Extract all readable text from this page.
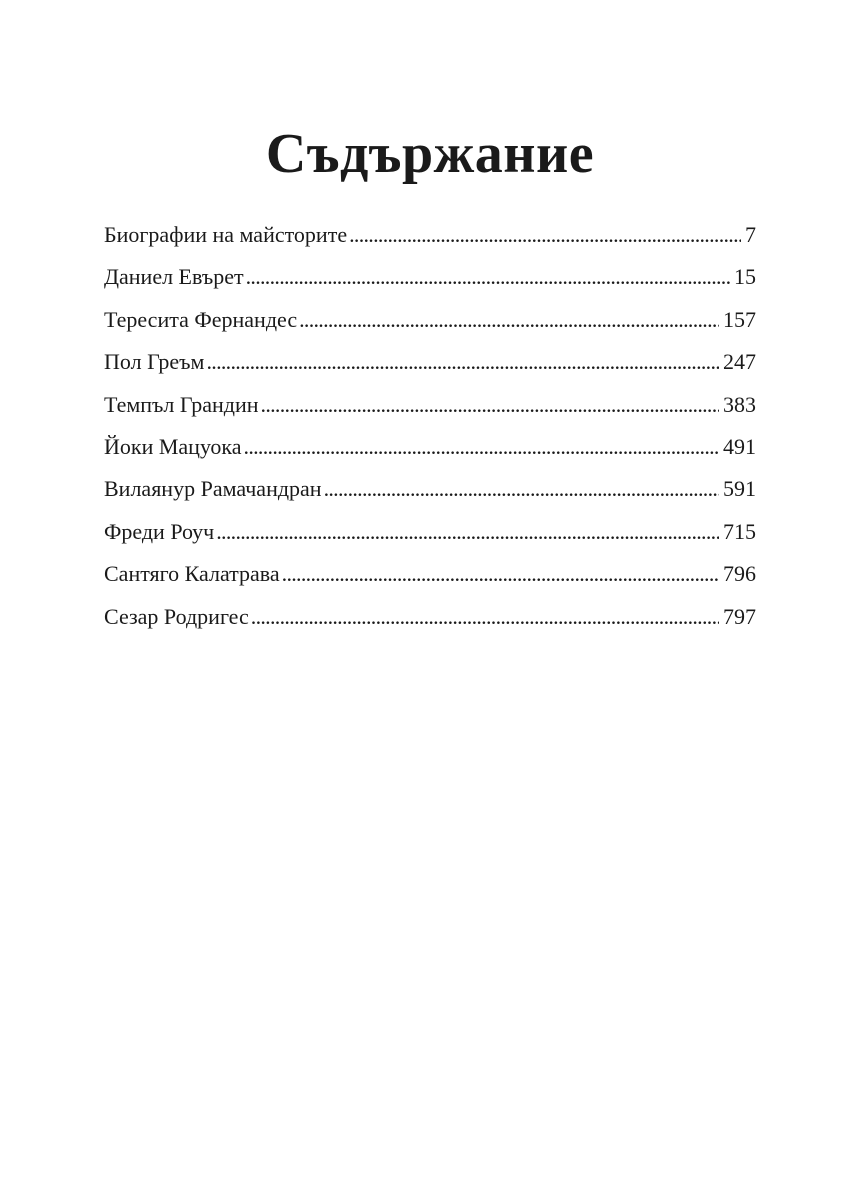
Съдържание
Биографии на майсторите . . .	7
Даниел Евърет . . .	15
Тересита Фернандес . . .	157
Пол Греъм . . .	247
Темпъл Грандин . . .	383
Йоки Мацуока . . .	491
Вилаянур Рамачандран . . .	591
Фреди Роуч . . .	715
Сантяго Калатрава . . .	796
Сезар Родригес . . .	797
